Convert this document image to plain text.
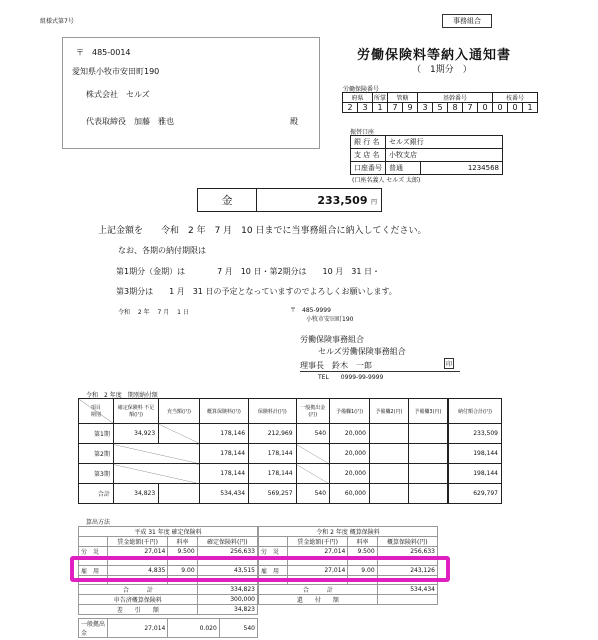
組様式第7号	事務組合
〒　485-0014
愛知県小牧市安田町190
株式会社　セルズ
代表取締役　加藤　雅也	殿
労働保険料等納入通知書
（　1期分　）
労働保険番号
府県		所掌	管轄		基幹番号					枝番号		
2	3	1	7	9	3	5	8	7	0	0	0	1
振替口座
銀 行 名	セルズ銀行	
支 店 名	小牧支店	
口座番号	普通	1234568
(口座名義人 セルズ 太郎)
金	233,509 円
上記金額を　　令和　2 年　7 月　10 日までに当事務組合に納入してください。
なお、各期の納付期限は
第1期分（金期）は　　　　7 月　10 日・第2期分は　　10 月　31 日・
第3期分は　　1 月　31 日の予定となっていますのでよろしくお願いします。
令和　 2 年　 7 月　 1 日	〒　485-9999
小牧市安田町190
労働保険事務組合
セルズ労働保険事務組合
理事長　鈴木　一郎	印
TEL　　0999-99-9999
令和　2 年度　期別納付額
項目
期別	確定保険料 不足額(円)	充当額(円)	概算保険料(円)	保険料計(円)	一般拠出金(円)	予備欄1(円)	予備欄2(円)	予備欄3(円)	納付額合計(円)
第1期	34,923		178,146	212,969	540	20,000			233,509
第2期			178,144	178,144		20,000			198,144
第3期			178,144	178,144		20,000			198,144
合計	34,823		534,434	569,257	540	60,000			629,797
算出方法
平成 31 年度 確定保険料			
	賃金総額(千円)	料率	確定保険料(円)
労　災	27,014	9.500	256,633

雇　用	4,835	9.00	43,515

合　　　計			334,823
申告済概算保険料			300,000
差　　引　　額			34,823
令和 2 年度 概算保険料			
	賃金総額(千円)	料率	概算保険料(円)
労　災	27,014	9.500	256,633

雇　用	27,014	9.00	243,126

合　　　計			534,434
還　　付　　額			
一般拠出金	27,014	0.020	540
